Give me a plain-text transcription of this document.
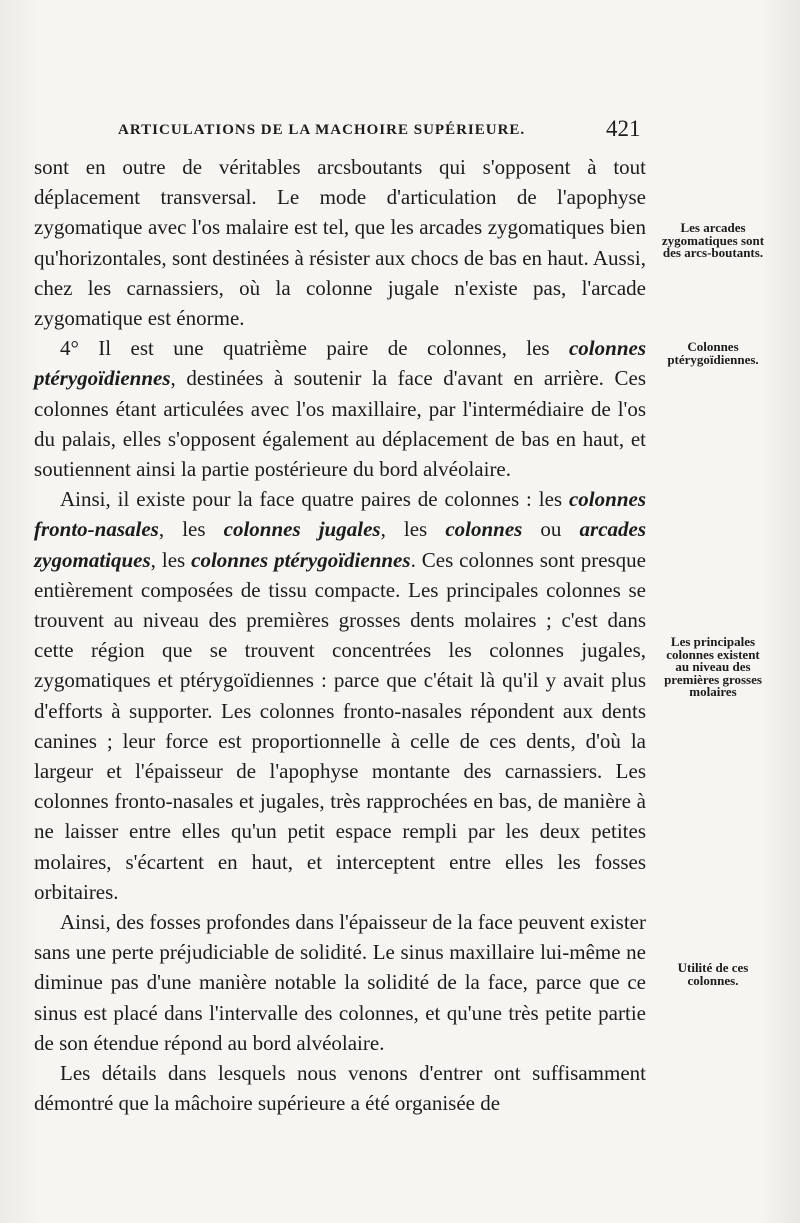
ARTICULATIONS DE LA MACHOIRE SUPÉRIEURE.	421

sont en outre de véritables arcsboutants qui s'opposent à tout déplacement transversal. Le mode d'articulation de l'apophyse zygomatique avec l'os malaire est tel, que les arcades zygomatiques bien qu'horizontales, sont destinées à résister aux chocs de bas en haut. Aussi, chez les carnassiers, où la colonne jugale n'existe pas, l'arcade zygomatique est énorme.

4° Il est une quatrième paire de colonnes, les colonnes ptérygoïdiennes, destinées à soutenir la face d'avant en arrière. Ces colonnes étant articulées avec l'os maxillaire, par l'intermédiaire de l'os du palais, elles s'opposent également au déplacement de bas en haut, et soutiennent ainsi la partie postérieure du bord alvéolaire.

Ainsi, il existe pour la face quatre paires de colonnes : les colonnes fronto-nasales, les colonnes jugales, les colonnes ou arcades zygomatiques, les colonnes ptérygoïdiennes. Ces colonnes sont presque entièrement composées de tissu compacte. Les principales colonnes se trouvent au niveau des premières grosses dents molaires ; c'est dans cette région que se trouvent concentrées les colonnes jugales, zygomatiques et ptérygoïdiennes : parce que c'était là qu'il y avait plus d'efforts à supporter. Les colonnes fronto-nasales répondent aux dents canines ; leur force est proportionnelle à celle de ces dents, d'où la largeur et l'épaisseur de l'apophyse montante des carnassiers. Les colonnes fronto-nasales et jugales, très rapprochées en bas, de manière à ne laisser entre elles qu'un petit espace rempli par les deux petites molaires, s'écartent en haut, et interceptent entre elles les fosses orbitaires.

Ainsi, des fosses profondes dans l'épaisseur de la face peuvent exister sans une perte préjudiciable de solidité. Le sinus maxillaire lui-même ne diminue pas d'une manière notable la solidité de la face, parce que ce sinus est placé dans l'intervalle des colonnes, et qu'une très petite partie de son étendue répond au bord alvéolaire.

Les détails dans lesquels nous venons d'entrer ont suffisamment démontré que la mâchoire supérieure a été organisée de

Les arcades zygomatiques sont des arcs-boutants.
Colonnes ptérygoïdiennes.
Les principales colonnes existent au niveau des premières grosses molaires
Utilité de ces colonnes.
